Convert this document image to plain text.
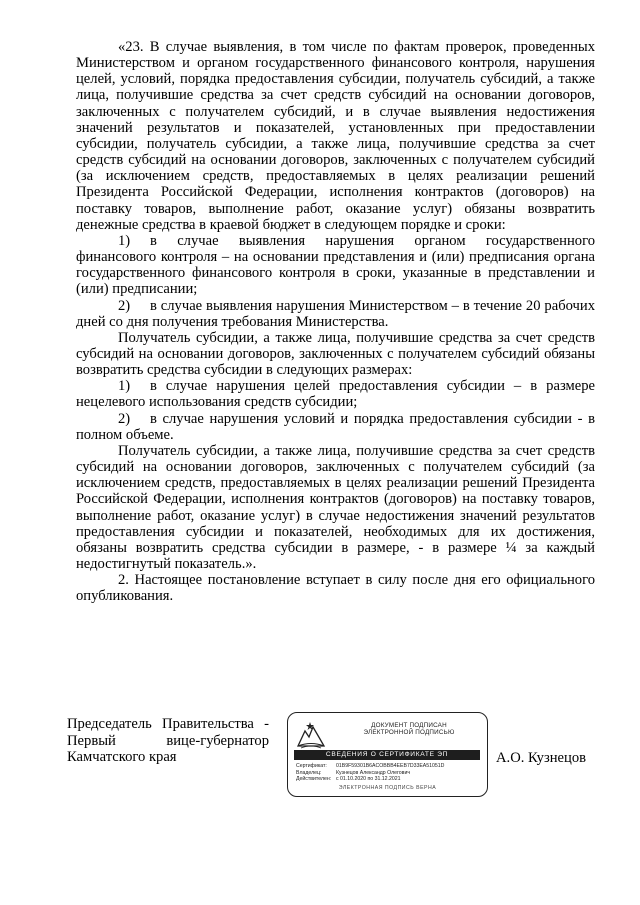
«23. В случае выявления, в том числе по фактам проверок, проведенных Министерством и органом государственного финансового контроля, нарушения целей, условий, порядка предоставления субсидии, получатель субсидий, а также лица, получившие средства за счет средств субсидий на основании договоров, заключенных с получателем субсидий, и в случае выявления недостижения значений результатов и показателей, установленных при предоставлении субсидии, получатель субсидии, а также лица, получившие средства за счет средств субсидий на основании договоров, заключенных с получателем субсидий (за исключением средств, предоставляемых в целях реализации решений Президента Российской Федерации, исполнения контрактов (договоров) на поставку товаров, выполнение работ, оказание услуг) обязаны возвратить денежные средства в краевой бюджет в следующем порядке и сроки:

1) в случае выявления нарушения органом государственного финансового контроля – на основании представления и (или) предписания органа государственного финансового контроля в сроки, указанные в представлении и (или) предписании;

2) в случае выявления нарушения Министерством – в течение 20 рабочих дней со дня получения требования Министерства.

Получатель субсидии, а также лица, получившие средства за счет средств субсидий на основании договоров, заключенных с получателем субсидий обязаны возвратить средства субсидии в следующих размерах:

1) в случае нарушения целей предоставления субсидии – в размере нецелевого использования средств субсидии;

2) в случае нарушения условий и порядка предоставления субсидии - в полном объеме.

Получатель субсидии, а также лица, получившие средства за счет средств субсидий на основании договоров, заключенных с получателем субсидий (за исключением средств, предоставляемых в целях реализации решений Президента Российской Федерации, исполнения контрактов (договоров) на поставку товаров, выполнение работ, оказание услуг) в случае недостижения значений результатов предоставления субсидии и показателей, необходимых для их достижения, обязаны возвратить средства субсидии в размере, - в размере ¼ за каждый недостигнутый показатель.».

2. Настоящее постановление вступает в силу после дня его официального опубликования.

Председатель Правительства -
Первый вице-губернатор
Камчатского края
ДОКУМЕНТ ПОДПИСАН
ЭЛЕКТРОННОЙ ПОДПИСЬЮ
СВЕДЕНИЯ О СЕРТИФИКАТЕ ЭП
Сертификат:	01B9F59301B6ACOBBB4EEB7D33EA51051D
Владелец:	Кузнецов Александр Олегович
Действителен: с 01.10.2020 по 31.12.2021
ЭЛЕКТРОННАЯ ПОДПИСЬ ВЕРНА
А.О. Кузнецов
